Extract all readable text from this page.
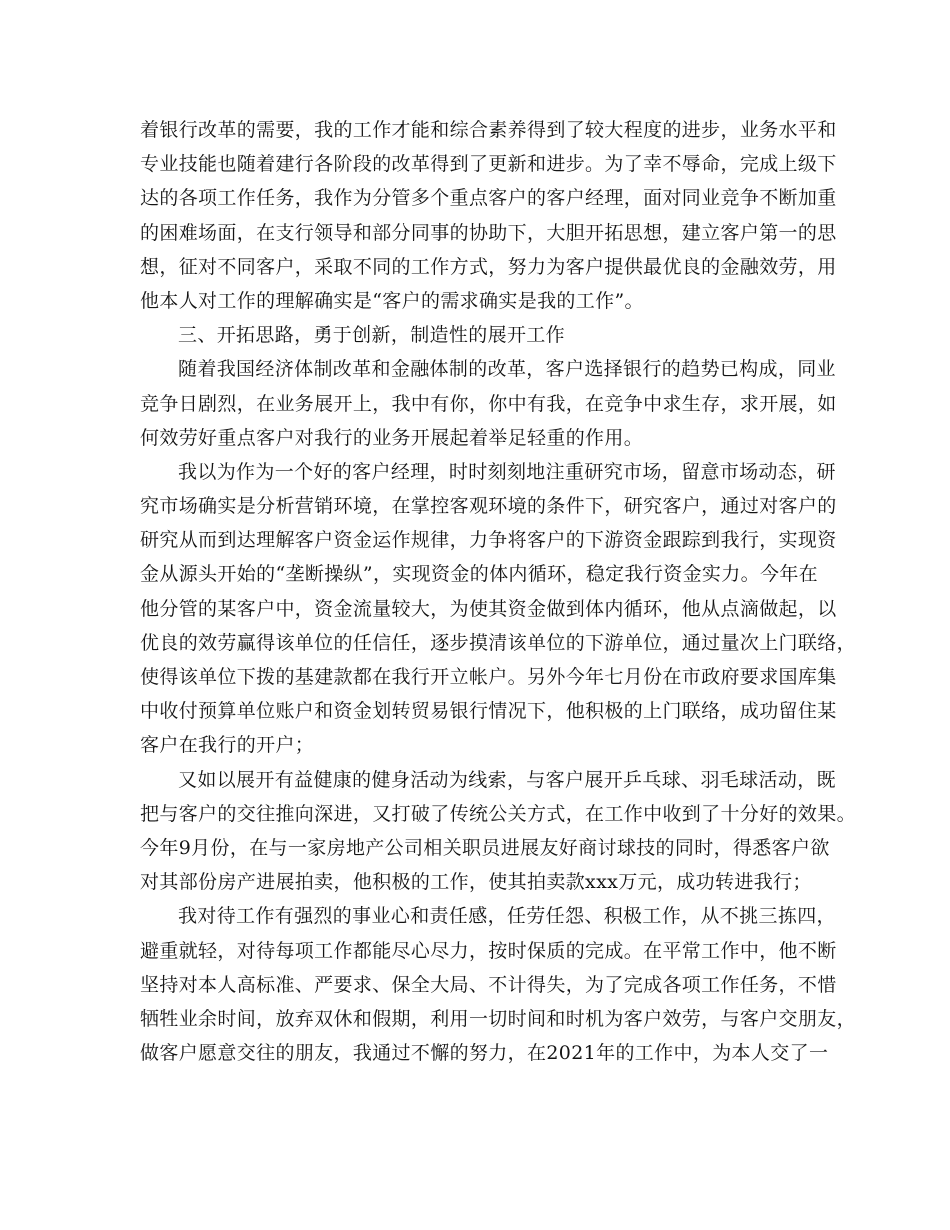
着银行改革的需要，我的工作才能和综合素养得到了较大程度的进步，业务水平和
专业技能也随着建行各阶段的改革得到了更新和进步。为了幸不辱命，完成上级下
达的各项工作任务，我作为分管多个重点客户的客户经理，面对同业竞争不断加重
的困难场面，在支行领导和部分同事的协助下，大胆开拓思想，建立客户第一的思
想，征对不同客户，采取不同的工作方式，努力为客户提供最优良的金融效劳，用
他本人对工作的理解确实是“客户的需求确实是我的工作”。
三、开拓思路，勇于创新，制造性的展开工作
随着我国经济体制改革和金融体制的改革，客户选择银行的趋势已构成，同业
竞争日剧烈，在业务展开上，我中有你，你中有我，在竞争中求生存，求开展，如
何效劳好重点客户对我行的业务开展起着举足轻重的作用。
我以为作为一个好的客户经理，时时刻刻地注重研究市场，留意市场动态，研
究市场确实是分析营销环境，在掌控客观环境的条件下，研究客户，通过对客户的
研究从而到达理解客户资金运作规律，力争将客户的下游资金跟踪到我行，实现资
金从源头开始的“垄断操纵”，实现资金的体内循环，稳定我行资金实力。今年在
他分管的某客户中，资金流量较大，为使其资金做到体内循环，他从点滴做起，以
优良的效劳赢得该单位的任信任，逐步摸清该单位的下游单位，通过量次上门联络，
使得该单位下拨的基建款都在我行开立帐户。另外今年七月份在市政府要求国库集
中收付预算单位账户和资金划转贸易银行情况下，他积极的上门联络，成功留住某
客户在我行的开户；
又如以展开有益健康的健身活动为线索，与客户展开乒乓球、羽毛球活动，既
把与客户的交往推向深进，又打破了传统公关方式，在工作中收到了十分好的效果。
今年9月份，在与一家房地产公司相关职员进展友好商讨球技的同时，得悉客户欲
对其部份房产进展拍卖，他积极的工作，使其拍卖款xxx万元，成功转进我行；
我对待工作有强烈的事业心和责任感，任劳任怨、积极工作，从不挑三拣四，
避重就轻，对待每项工作都能尽心尽力，按时保质的完成。在平常工作中，他不断
坚持对本人高标准、严要求、保全大局、不计得失，为了完成各项工作任务，不惜
牺牲业余时间，放弃双休和假期，利用一切时间和时机为客户效劳，与客户交朋友，
做客户愿意交往的朋友，我通过不懈的努力，在2021年的工作中，为本人交了一
